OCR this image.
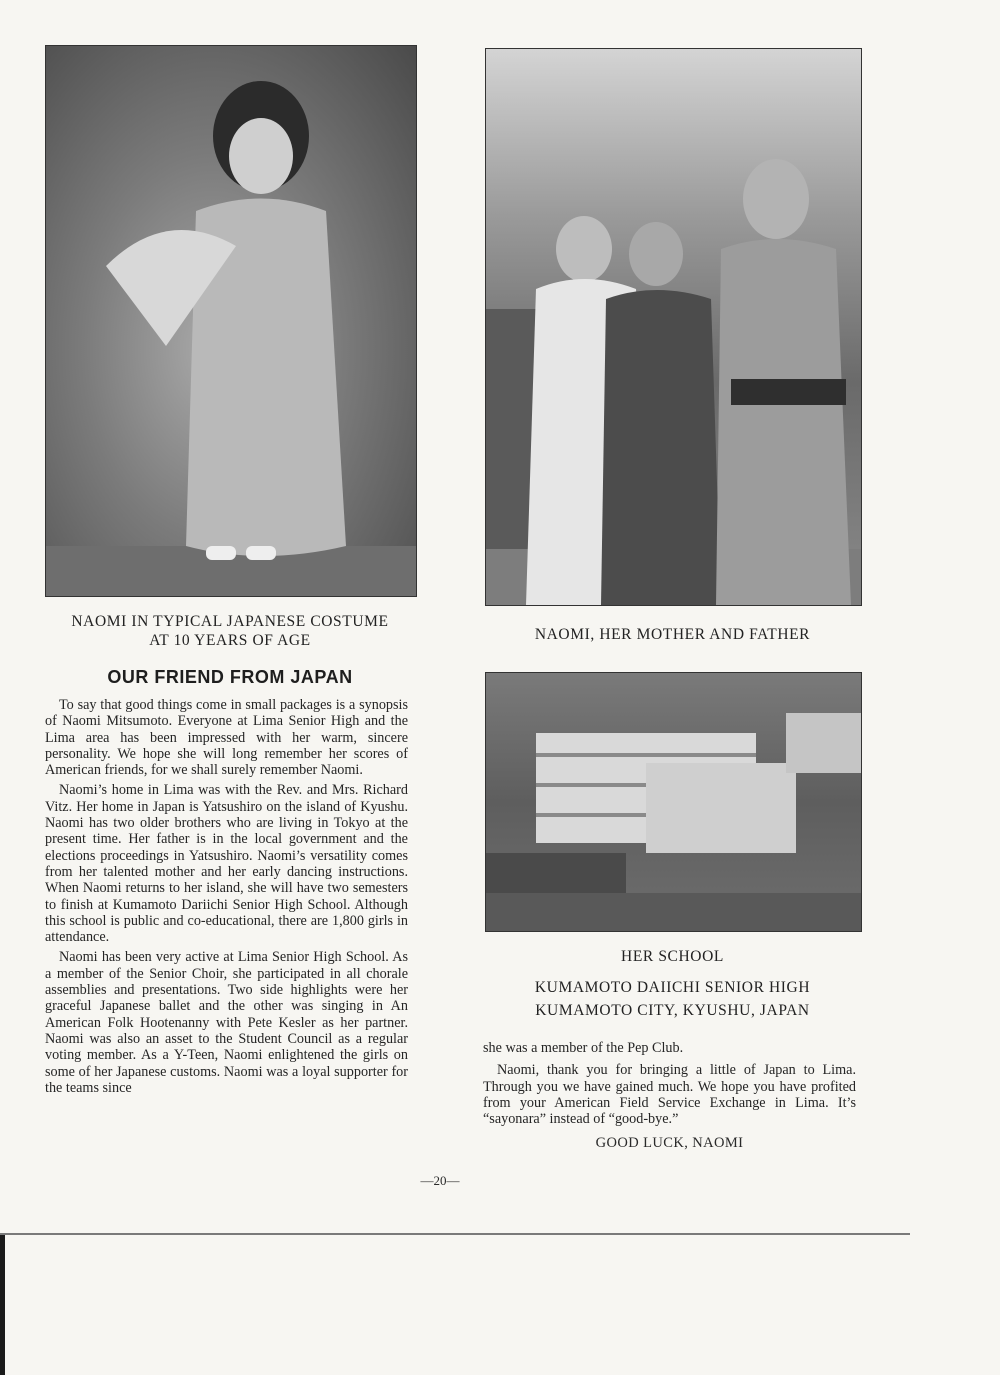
NAOMI IN TYPICAL JAPANESE COSTUME
AT 10 YEARS OF AGE	NAOMI, HER MOTHER AND FATHER
HER SCHOOL
KUMAMOTO DAIICHI SENIOR HIGH
KUMAMOTO CITY, KYUSHU, JAPAN
OUR FRIEND FROM JAPAN

To say that good things come in small packages is a synopsis of Naomi Mitsumoto. Everyone at Lima Senior High and the Lima area has been impressed with her warm, sincere personality. We hope she will long remember her scores of American friends, for we shall surely remember Naomi.

Naomi’s home in Lima was with the Rev. and Mrs. Richard Vitz. Her home in Japan is Yatsushiro on the island of Kyushu. Naomi has two older brothers who are living in Tokyo at the present time. Her father is in the local government and the elections proceedings in Yatsushiro. Naomi’s versatility comes from her talented mother and her early dancing instructions. When Naomi returns to her island, she will have two semesters to finish at Kumamoto Dariichi Senior High School. Although this school is public and co-educational, there are 1,800 girls in attendance.

Naomi has been very active at Lima Senior High School. As a member of the Senior Choir, she participated in all chorale assemblies and presentations. Two side highlights were her graceful Japanese ballet and the other was singing in An American Folk Hootenanny with Pete Kesler as her partner. Naomi was also an asset to the Student Council as a regular voting member. As a Y-Teen, Naomi enlightened the girls on some of her Japanese customs. Naomi was a loyal supporter for the teams since

she was a member of the Pep Club.

Naomi, thank you for bringing a little of Japan to Lima. Through you we have gained much. We hope you have profited from your American Field Service Exchange in Lima. It’s “sayonara” instead of “good-bye.”

GOOD LUCK, NAOMI
—20—
